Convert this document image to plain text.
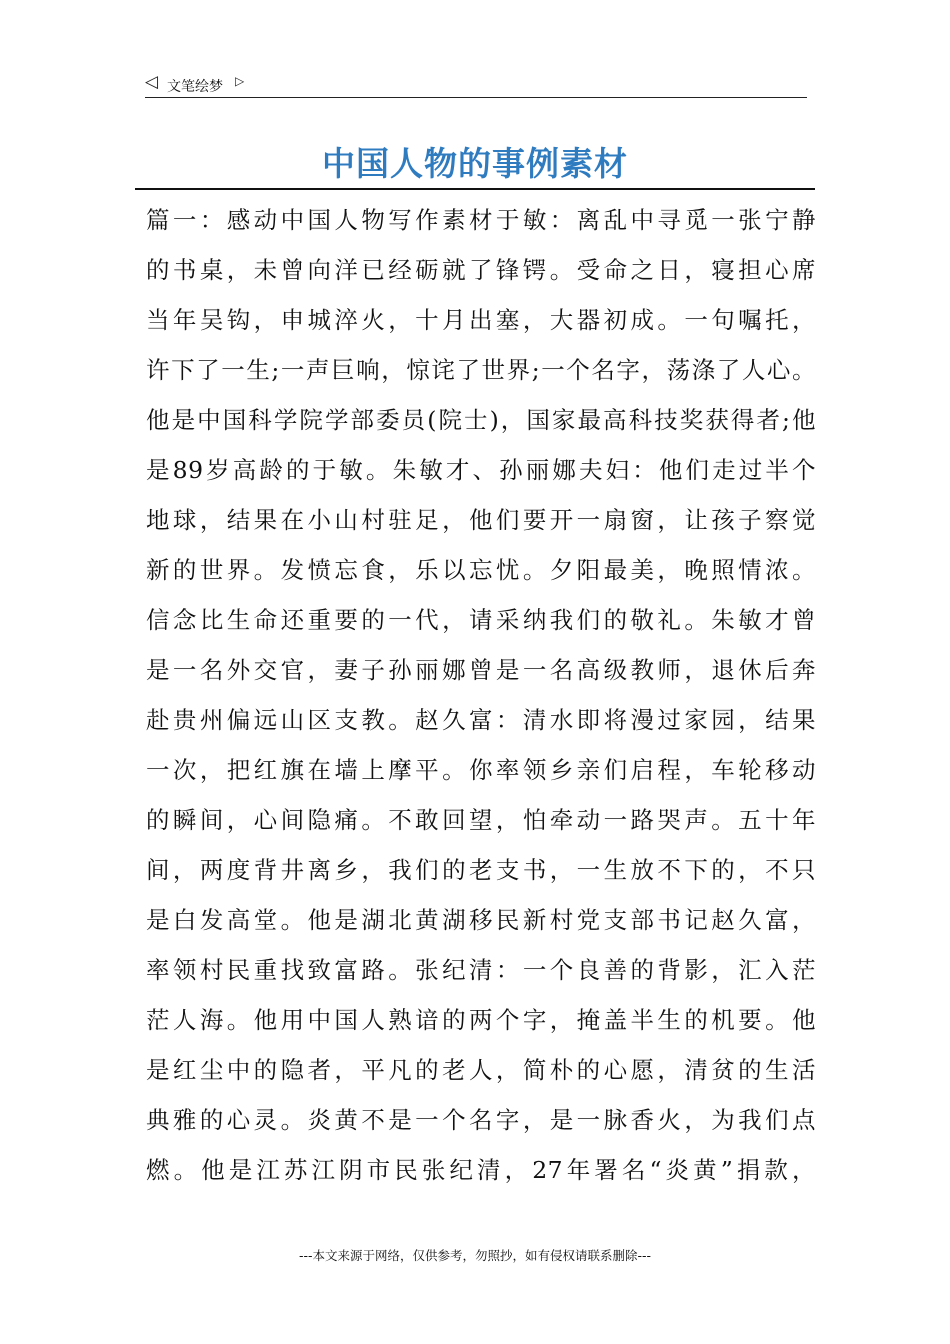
◁ 文笔绘梦 ▷
中国人物的事例素材
篇一：感动中国人物写作素材于敏：离乱中寻觅一张宁静
的书桌，未曾向洋已经砺就了锋锷。受命之日，寝担心席
当年吴钩，申城淬火，十月出塞，大器初成。一句嘱托，
许下了一生;一声巨响，惊诧了世界;一个名字，荡涤了人心。
他是中国科学院学部委员(院士)，国家最高科技奖获得者;他
是89岁高龄的于敏。朱敏才、孙丽娜夫妇：他们走过半个
地球，结果在小山村驻足，他们要开一扇窗，让孩子察觉
新的世界。发愤忘食，乐以忘忧。夕阳最美，晚照情浓。
信念比生命还重要的一代，请采纳我们的敬礼。朱敏才曾
是一名外交官，妻子孙丽娜曾是一名高级教师，退休后奔
赴贵州偏远山区支教。赵久富：清水即将漫过家园，结果
一次，把红旗在墙上摩平。你率领乡亲们启程，车轮移动
的瞬间，心间隐痛。不敢回望，怕牵动一路哭声。五十年
间，两度背井离乡，我们的老支书，一生放不下的，不只
是白发高堂。他是湖北黄湖移民新村党支部书记赵久富，
率领村民重找致富路。张纪清：一个良善的背影，汇入茫
茫人海。他用中国人熟谙的两个字，掩盖半生的机要。他
是红尘中的隐者，平凡的老人，简朴的心愿，清贫的生活
典雅的心灵。炎黄不是一个名字，是一脉香火，为我们点
燃。他是江苏江阴市民张纪清，27年署名“炎黄”捐款，
---本文来源于网络，仅供参考，勿照抄，如有侵权请联系删除---
